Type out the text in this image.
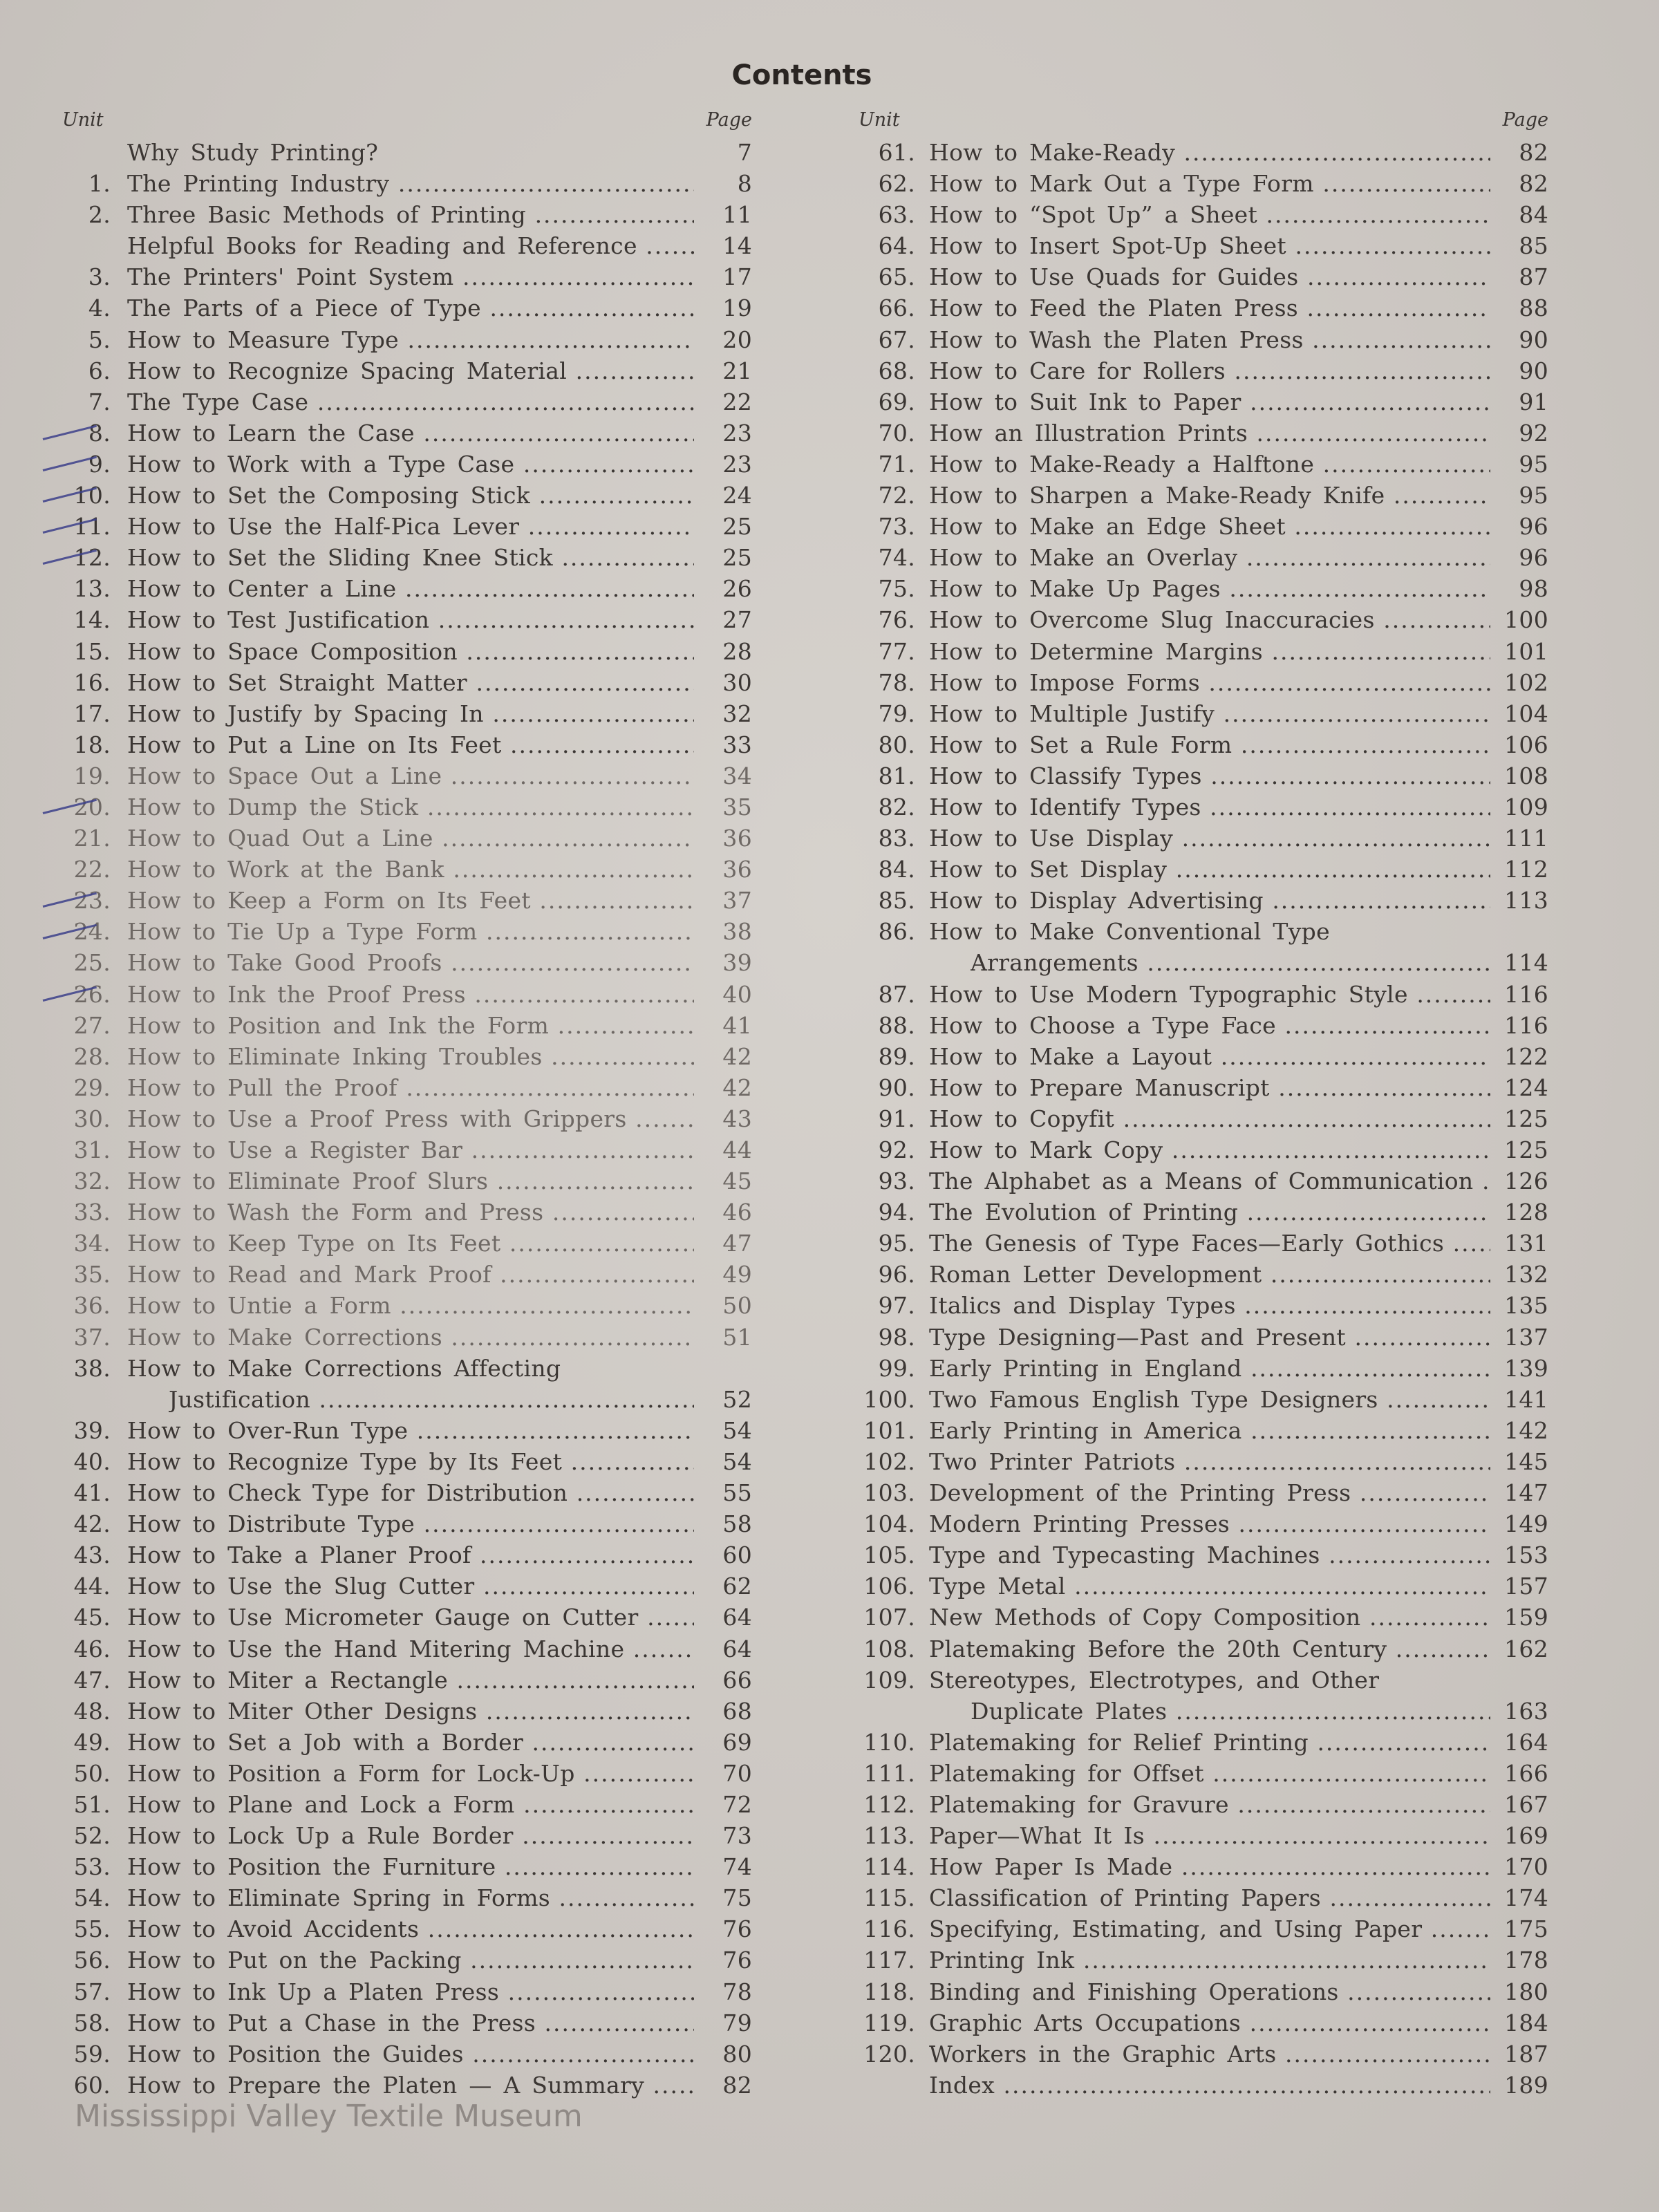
Contents
Unit	Page
Why Study Printing?	7
1. The Printing Industry .....	8
2. Three Basic Methods of Printing .....	11
Helpful Books for Reading and Reference .....	14
3. The Printers' Point System .....	17
4. The Parts of a Piece of Type .....	19
5. How to Measure Type .....	20
6. How to Recognize Spacing Material .....	21
7. The Type Case .....	22
8. How to Learn the Case .....	23
9. How to Work with a Type Case .....	23
10. How to Set the Composing Stick .....	24
11. How to Use the Half-Pica Lever .....	25
12. How to Set the Sliding Knee Stick .....	25
13. How to Center a Line .....	26
14. How to Test Justification .....	27
15. How to Space Composition .....	28
16. How to Set Straight Matter .....	30
17. How to Justify by Spacing In .....	32
18. How to Put a Line on Its Feet .....	33
19. How to Space Out a Line .....	34
20. How to Dump the Stick .....	35
21. How to Quad Out a Line .....	36
22. How to Work at the Bank .....	36
23. How to Keep a Form on Its Feet .....	37
24. How to Tie Up a Type Form .....	38
25. How to Take Good Proofs .....	39
26. How to Ink the Proof Press .....	40
27. How to Position and Ink the Form .....	41
28. How to Eliminate Inking Troubles .....	42
29. How to Pull the Proof .....	42
30. How to Use a Proof Press with Grippers .....	43
31. How to Use a Register Bar .....	44
32. How to Eliminate Proof Slurs .....	45
33. How to Wash the Form and Press .....	46
34. How to Keep Type on Its Feet .....	47
35. How to Read and Mark Proof .....	49
36. How to Untie a Form .....	50
37. How to Make Corrections .....	51
38. How to Make Corrections Affecting
Justification .....	52
39. How to Over-Run Type .....	54
40. How to Recognize Type by Its Feet .....	54
41. How to Check Type for Distribution .....	55
42. How to Distribute Type .....	58
43. How to Take a Planer Proof .....	60
44. How to Use the Slug Cutter .....	62
45. How to Use Micrometer Gauge on Cutter .....	64
46. How to Use the Hand Mitering Machine .....	64
47. How to Miter a Rectangle .....	66
48. How to Miter Other Designs .....	68
49. How to Set a Job with a Border .....	69
50. How to Position a Form for Lock-Up .....	70
51. How to Plane and Lock a Form .....	72
52. How to Lock Up a Rule Border .....	73
53. How to Position the Furniture .....	74
54. How to Eliminate Spring in Forms .....	75
55. How to Avoid Accidents .....	76
56. How to Put on the Packing .....	76
57. How to Ink Up a Platen Press .....	78
58. How to Put a Chase in the Press .....	79
59. How to Position the Guides .....	80
60. How to Prepare the Platen — A Summary .....	82
Unit	Page
61. How to Make-Ready .....	82
62. How to Mark Out a Type Form .....	82
63. How to “Spot Up” a Sheet .....	84
64. How to Insert Spot-Up Sheet .....	85
65. How to Use Quads for Guides .....	87
66. How to Feed the Platen Press .....	88
67. How to Wash the Platen Press .....	90
68. How to Care for Rollers .....	90
69. How to Suit Ink to Paper .....	91
70. How an Illustration Prints .....	92
71. How to Make-Ready a Halftone .....	95
72. How to Sharpen a Make-Ready Knife .....	95
73. How to Make an Edge Sheet .....	96
74. How to Make an Overlay .....	96
75. How to Make Up Pages .....	98
76. How to Overcome Slug Inaccuracies .....	100
77. How to Determine Margins .....	101
78. How to Impose Forms .....	102
79. How to Multiple Justify .....	104
80. How to Set a Rule Form .....	106
81. How to Classify Types .....	108
82. How to Identify Types .....	109
83. How to Use Display .....	111
84. How to Set Display .....	112
85. How to Display Advertising .....	113
86. How to Make Conventional Type
Arrangements .....	114
87. How to Use Modern Typographic Style .....	116
88. How to Choose a Type Face .....	116
89. How to Make a Layout .....	122
90. How to Prepare Manuscript .....	124
91. How to Copyfit .....	125
92. How to Mark Copy .....	125
93. The Alphabet as a Means of Communication .....	126
94. The Evolution of Printing .....	128
95. The Genesis of Type Faces—Early Gothics .....	131
96. Roman Letter Development .....	132
97. Italics and Display Types .....	135
98. Type Designing—Past and Present .....	137
99. Early Printing in England .....	139
100. Two Famous English Type Designers .....	141
101. Early Printing in America .....	142
102. Two Printer Patriots .....	145
103. Development of the Printing Press .....	147
104. Modern Printing Presses .....	149
105. Type and Typecasting Machines .....	153
106. Type Metal .....	157
107. New Methods of Copy Composition .....	159
108. Platemaking Before the 20th Century .....	162
109. Stereotypes, Electrotypes, and Other
Duplicate Plates .....	163
110. Platemaking for Relief Printing .....	164
111. Platemaking for Offset .....	166
112. Platemaking for Gravure .....	167
113. Paper—What It Is .....	169
114. How Paper Is Made .....	170
115. Classification of Printing Papers .....	174
116. Specifying, Estimating, and Using Paper .....	175
117. Printing Ink .....	178
118. Binding and Finishing Operations .....	180
119. Graphic Arts Occupations .....	184
120. Workers in the Graphic Arts .....	187
Index .....	189
Mississippi Valley Textile Museum
